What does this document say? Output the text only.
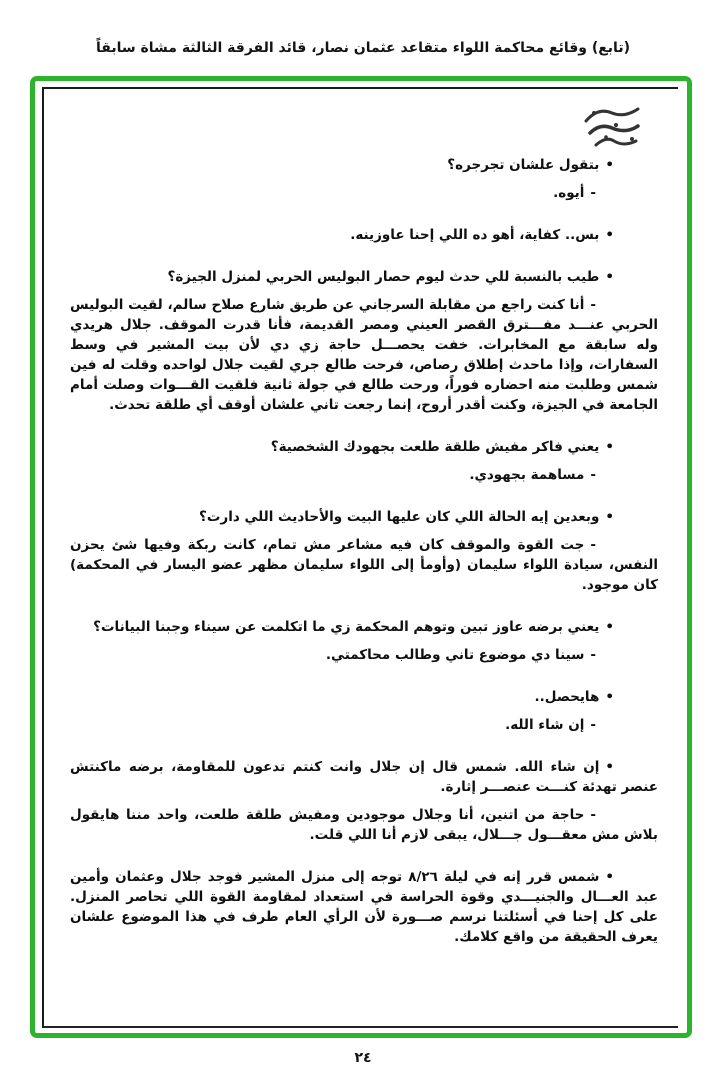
(تابع) وقائع محاكمة اللواء متقاعد عثمان نصار، قائد الفرقة الثالثة مشاة سابقاً
•بتقول علشان تجرجره؟
-أيوه.
•بس.. كفاية، أهو ده اللي إحنا عاوزينه.
•طيب بالنسبة للي حدث ليوم حصار البوليس الحربي لمنزل الجيزة؟
-أنا كنت راجع من مقابلة السرجاني عن طريق شارع صلاح سالم، لقيت البوليس الحربي عنـــد مفـــترق القصر العيني ومصر القديمة، فأنا قدرت الموقف. جلال هريدي وله سابقة مع المخابرات. خفت يحصـــل حاجة زي دي لأن بيت المشير في وسط السفارات، وإذا ماحدث إطلاق رصاص، فرحت طالع جري لقيت جلال لواحده وقلت له فين شمس وطلبت منه احضاره فوراً، ورحت طالع في جولة ثانية فلقيت القـــوات وصلت أمام الجامعة في الجيزة، وكنت أقدر أروح، إنما رجعت تاني علشان أوقف أي طلقة تحدث.
•يعني فاكر مفيش طلقة طلعت بجهودك الشخصية؟
-مساهمة بجهودي.
•وبعدين إيه الحالة اللي كان عليها البيت والأحاديث اللي دارت؟
-جت القوة والموقف كان فيه مشاعر مش تمام، كانت ربكة وفيها شئ يحزن النفس، سيادة اللواء سليمان (وأومأ إلى اللواء سليمان مظهر عضو اليسار في المحكمة) كان موجود.
•يعني برضه عاوز تبين وتوهم المحكمة زي ما اتكلمت عن سيناء وجبنا البيانات؟
-سينا دي موضوع تاني وطالب محاكمتي.
•هايحصل..
-إن شاء الله.
•إن شاء الله. شمس قال إن جلال وانت كنتم تدعون للمقاومة، برضه ماكنتش عنصر تهدئة كنـــت عنصـــر إثارة.
-حاجة من اتنين، أنا وجلال موجودين ومفيش طلقة طلعت، واحد مننا هايقول بلاش مش معقـــول جـــلال، يبقى لازم أنا اللي قلت.
•شمس قرر إنه في ليلة ٨/٢٦ توجه إلى منزل المشير فوجد جلال وعثمان وأمين عبد العـــال والجنيـــدي وقوة الحراسة في استعداد لمقاومة القوة اللي تحاصر المنزل. على كل إحنا في أسئلتنا نرسم صـــورة لأن الرأي العام طرف في هذا الموضوع علشان يعرف الحقيقة من واقع كلامك.
٢٤
